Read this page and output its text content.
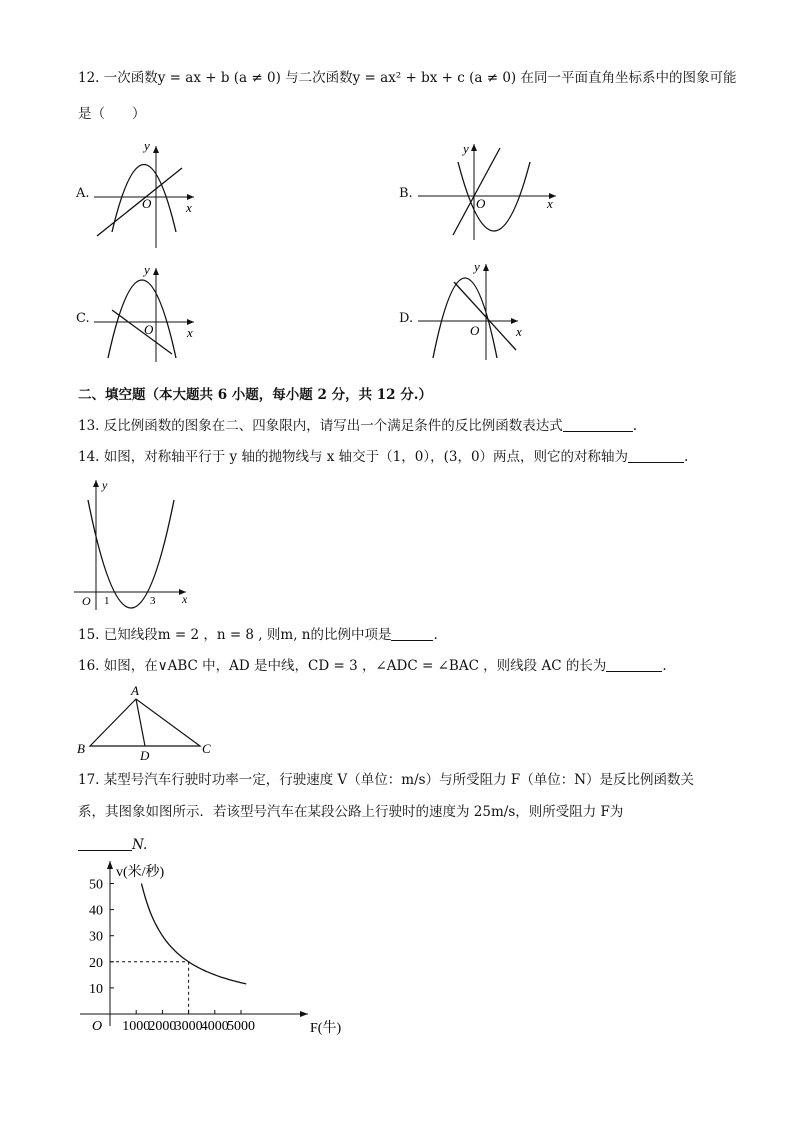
12. 一次函数y = ax + b (a ≠ 0) 与二次函数y = ax² + bx + c (a ≠ 0) 在同一平面直角坐标系中的图象可能
是（　　）
A.
O	x
y
B.
O	x
y
C.
O	x
y
D.
O	x
y
二、填空题（本大题共 6 小题，每小题 2 分，共 12 分.）
13. 反比例函数的图象在二、四象限内，请写出一个满足条件的反比例函数表达式	.
14. 如图，对称轴平行于 y 轴的抛物线与 x 轴交于（1，0），(3，0）两点，则它的对称轴为	.
O
y
x
1	3
15. 已知线段m = 2 ，n = 8 , 则m, n的比例中项是	.
16. 如图，在∨ABC 中，AD 是中线，CD = 3 ，∠ADC = ∠BAC ，则线段 AC 的长为	.
A
B	C
D
17. 某型号汽车行驶时功率一定，行驶速度 V（单位：m/s）与所受阻力 F（单位：N）是反比例函数关
系，其图象如图所示．若该型号汽车在某段公路上行驶时的速度为 25m/s，则所受阻力 F为
N.
1000
2000
3000
4000
5000
10
20
30
40
50
v(米/秒)
F(牛)
O
